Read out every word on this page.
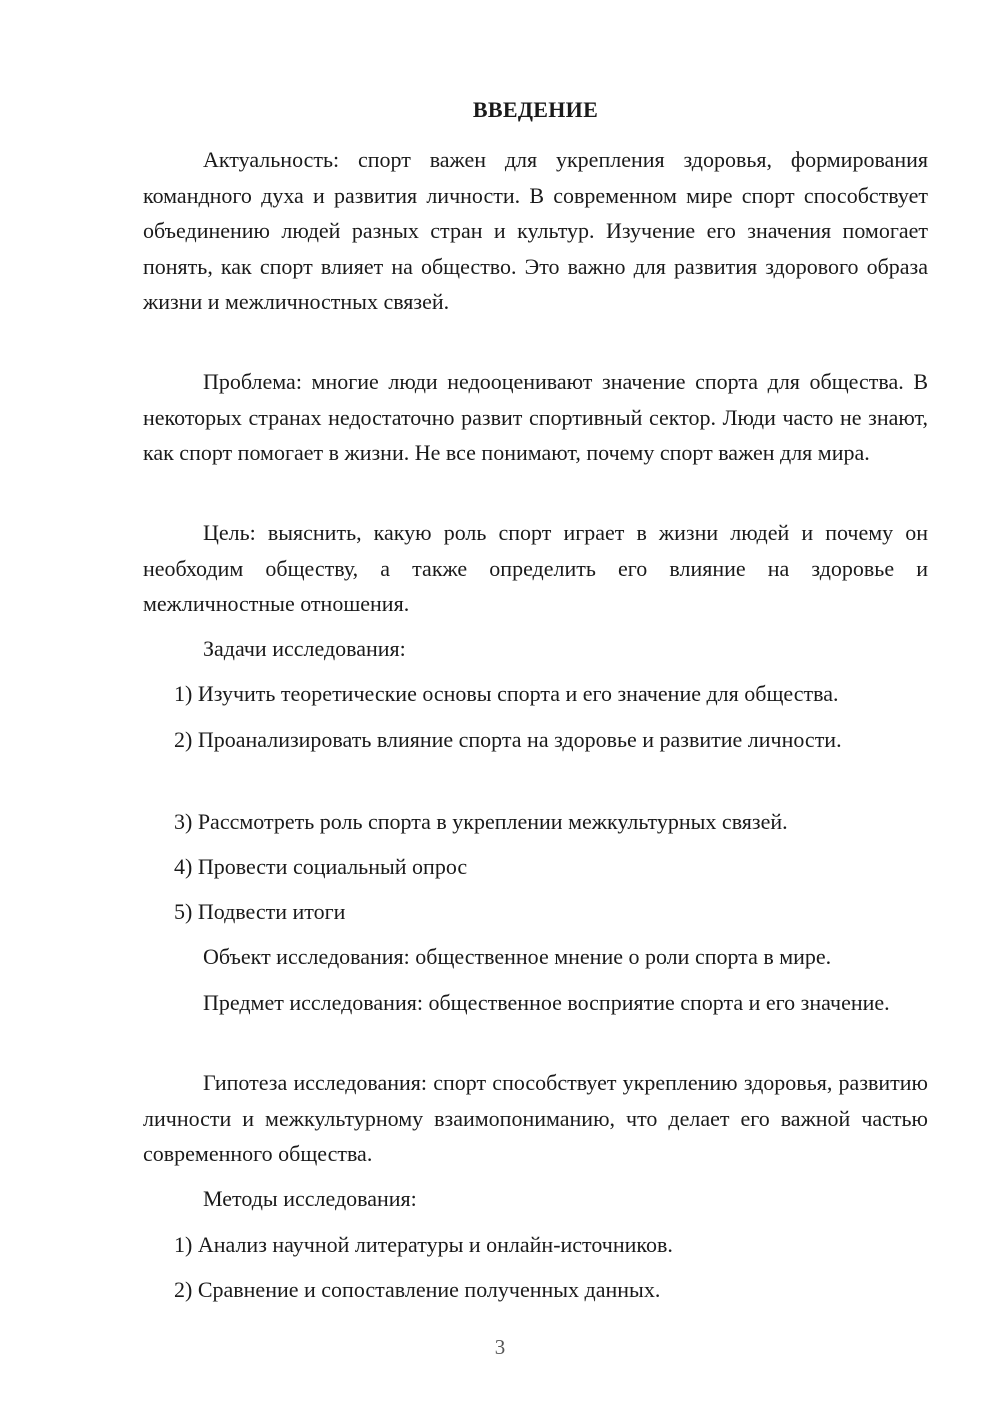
ВВЕДЕНИЕ

Актуальность: спорт важен для укрепления здоровья, формирования командного духа и развития личности. В современном мире спорт способствует объединению людей разных стран и культур. Изучение его значения помогает понять, как спорт влияет на общество. Это важно для развития здорового образа жизни и межличностных связей.

Проблема: многие люди недооценивают значение спорта для общества. В некоторых странах недостаточно развит спортивный сектор. Люди часто не знают, как спорт помогает в жизни. Не все понимают, почему спорт важен для мира.

Цель: выяснить, какую роль спорт играет в жизни людей и почему он необходим обществу, а также определить его влияние на здоровье и межличностные отношения.

Задачи исследования:

1) Изучить теоретические основы спорта и его значение для общества.

2) Проанализировать влияние спорта на здоровье и развитие личности.

3) Рассмотреть роль спорта в укреплении межкультурных связей.

4) Провести социальный опрос

5) Подвести итоги

Объект исследования: общественное мнение о роли спорта в мире.

Предмет исследования: общественное восприятие спорта и его значение.

Гипотеза исследования: спорт способствует укреплению здоровья, развитию личности и межкультурному взаимопониманию, что делает его важной частью современного общества.

Методы исследования:

1) Анализ научной литературы и онлайн-источников.

2) Сравнение и сопоставление полученных данных.

3
